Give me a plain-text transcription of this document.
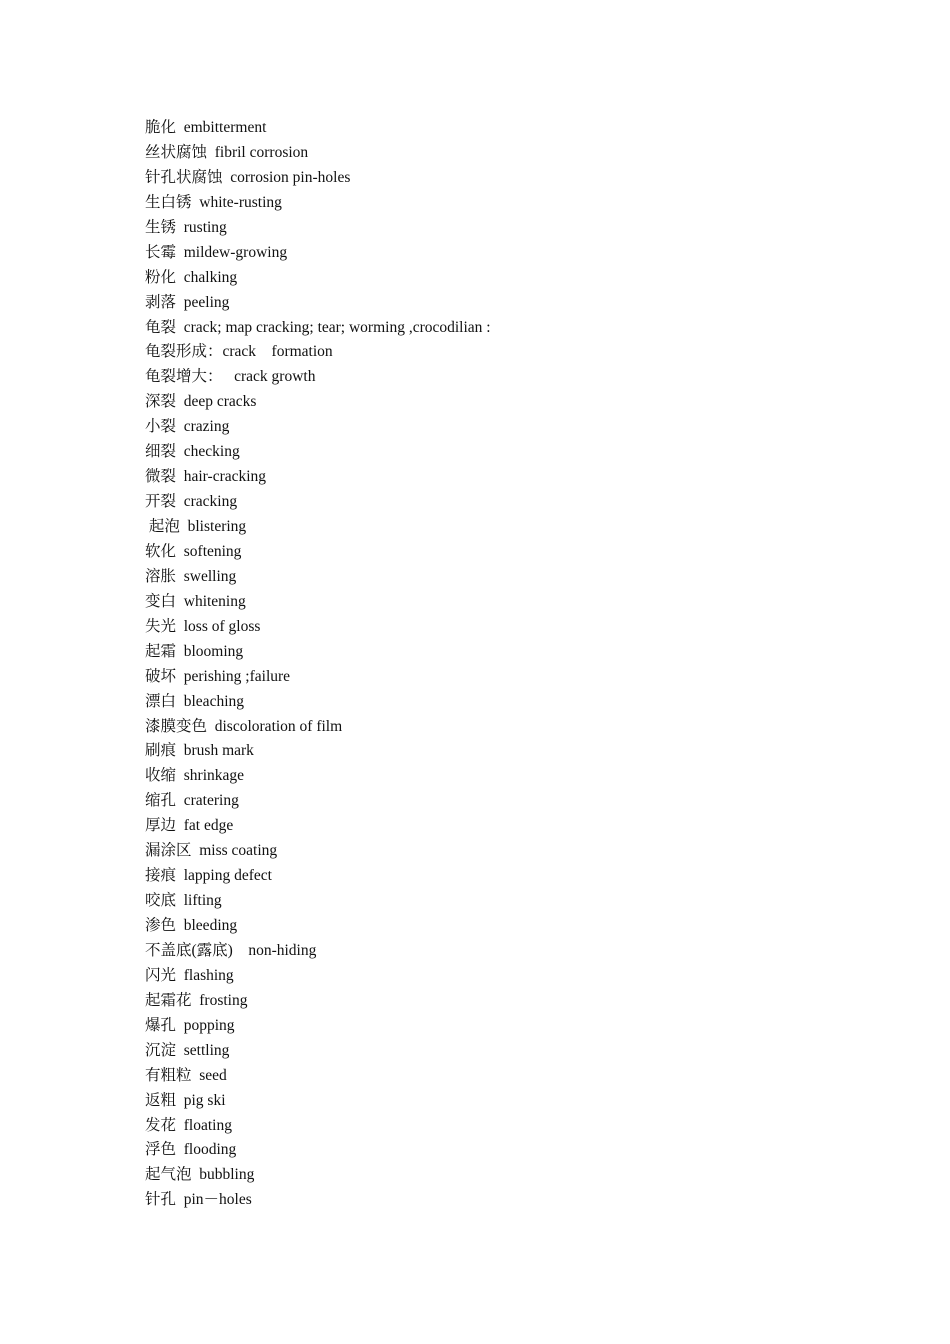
脆化  embitterment
丝状腐蚀  fibril corrosion
针孔状腐蚀  corrosion pin-holes
生白锈  white-rusting
生锈  rusting
长霉  mildew-growing
粉化  chalking
剥落  peeling
龟裂  crack; map cracking; tear; worming ,crocodilian :
龟裂形成：crack    formation
龟裂增大：   crack growth
深裂  deep cracks
小裂  crazing
细裂  checking
微裂  hair-cracking
开裂  cracking
起泡  blistering
软化  softening
溶胀  swelling
变白  whitening
失光  loss of gloss
起霜  blooming
破坏  perishing ;failure
漂白  bleaching
漆膜变色  discoloration of film
刷痕  brush mark
收缩  shrinkage
缩孔  cratering
厚边  fat edge
漏涂区  miss coating
接痕  lapping defect
咬底  lifting
渗色  bleeding
不盖底(露底)    non-hiding
闪光  flashing
起霜花  frosting
爆孔  popping
沉淀  settling
有粗粒  seed
返粗  pig ski
发花  floating
浮色  flooding
起气泡  bubbling
针孔  pin－holes
